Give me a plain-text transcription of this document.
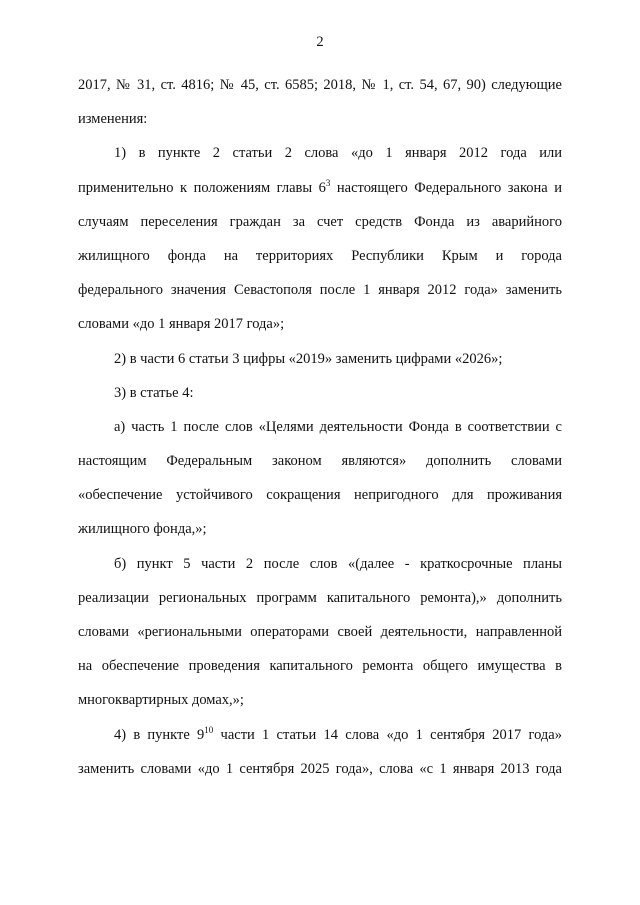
2
2017, № 31, ст. 4816; № 45, ст. 6585; 2018, № 1, ст. 54, 67, 90) следующие
изменения:
1) в пункте 2 статьи 2 слова «до 1 января 2012 года или
применительно к положениям главы $6^3$ настоящего Федерального закона и
случаям переселения граждан за счет средств Фонда из аварийного
жилищного фонда на территориях Республики Крым и города
федерального значения Севастополя после 1 января 2012 года» заменить
словами «до 1 января 2017 года»;
2) в части 6 статьи 3 цифры «2019» заменить цифрами «2026»;
3) в статье 4:
а) часть 1 после слов «Целями деятельности Фонда в соответствии с
настоящим Федеральным законом являются» дополнить словами
«обеспечение устойчивого сокращения непригодного для проживания
жилищного фонда,»;
б) пункт 5 части 2 после слов «(далее - краткосрочные планы
реализации региональных программ капитального ремонта),» дополнить
словами «региональными операторами своей деятельности, направленной
на обеспечение проведения капитального ремонта общего имущества в
многоквартирных домах,»;
4) в пункте $9^{10}$ части 1 статьи 14 слова «до 1 сентября 2017 года»
заменить словами «до 1 сентября 2025 года», слова «с 1 января 2013 года
